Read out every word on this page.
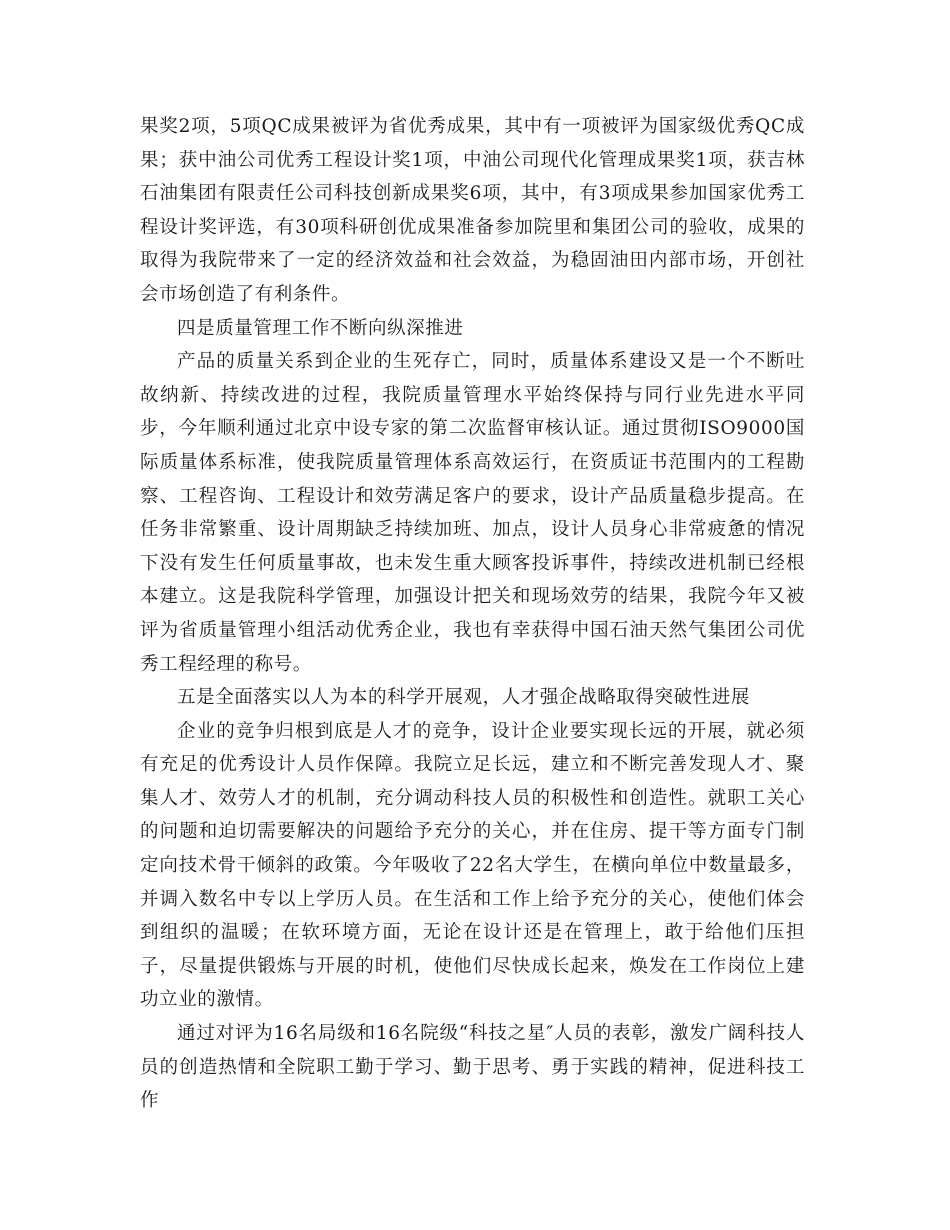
果奖2项，5项QC成果被评为省优秀成果，其中有一项被评为国家级优秀QC成果；获中油公司优秀工程设计奖1项，中油公司现代化管理成果奖1项，获吉林石油集团有限责任公司科技创新成果奖6项，其中，有3项成果参加国家优秀工程设计奖评选，有30项科研创优成果准备参加院里和集团公司的验收，成果的取得为我院带来了一定的经济效益和社会效益，为稳固油田内部市场，开创社会市场创造了有利条件。

四是质量管理工作不断向纵深推进

产品的质量关系到企业的生死存亡，同时，质量体系建设又是一个不断吐故纳新、持续改进的过程，我院质量管理水平始终保持与同行业先进水平同步，今年顺利通过北京中设专家的第二次监督审核认证。通过贯彻ISO9000国际质量体系标准，使我院质量管理体系高效运行，在资质证书范围内的工程勘察、工程咨询、工程设计和效劳满足客户的要求，设计产品质量稳步提高。在任务非常繁重、设计周期缺乏持续加班、加点，设计人员身心非常疲惫的情况下没有发生任何质量事故，也未发生重大顾客投诉事件，持续改进机制已经根本建立。这是我院科学管理，加强设计把关和现场效劳的结果，我院今年又被评为省质量管理小组活动优秀企业，我也有幸获得中国石油天然气集团公司优秀工程经理的称号。

五是全面落实以人为本的科学开展观，人才强企战略取得突破性进展

企业的竞争归根到底是人才的竞争，设计企业要实现长远的开展，就必须有充足的优秀设计人员作保障。我院立足长远，建立和不断完善发现人才、聚集人才、效劳人才的机制，充分调动科技人员的积极性和创造性。就职工关心的问题和迫切需要解决的问题给予充分的关心，并在住房、提干等方面专门制定向技术骨干倾斜的政策。今年吸收了22名大学生，在横向单位中数量最多，并调入数名中专以上学历人员。在生活和工作上给予充分的关心，使他们体会到组织的温暖；在软环境方面，无论在设计还是在管理上，敢于给他们压担子，尽量提供锻炼与开展的时机，使他们尽快成长起来，焕发在工作岗位上建功立业的激情。

通过对评为16名局级和16名院级“科技之星″人员的表彰，激发广阔科技人员的创造热情和全院职工勤于学习、勤于思考、勇于实践的精神，促进科技工作
